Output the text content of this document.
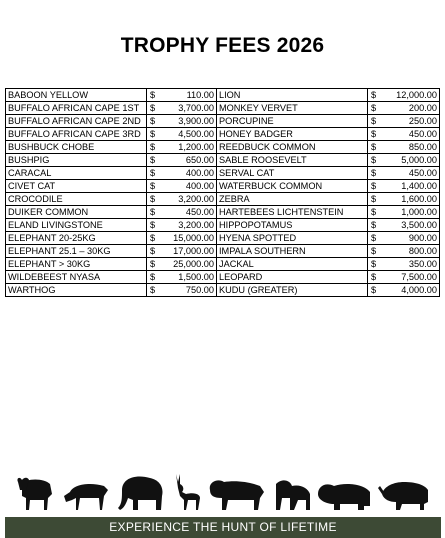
TROPHY FEES 2026
BABOON YELLOW	$ 110.00	LION	$ 12,000.00
BUFFALO AFRICAN CAPE 1ST	$ 3,700.00	MONKEY VERVET	$ 200.00
BUFFALO AFRICAN CAPE 2ND	$ 3,900.00	PORCUPINE	$ 250.00
BUFFALO AFRICAN CAPE 3RD	$ 4,500.00	HONEY BADGER	$ 450.00
BUSHBUCK CHOBE	$ 1,200.00	REEDBUCK COMMON	$ 850.00
BUSHPIG	$ 650.00	SABLE ROOSEVELT	$ 5,000.00
CARACAL	$ 400.00	SERVAL CAT	$ 450.00
CIVET CAT	$ 400.00	WATERBUCK COMMON	$ 1,400.00
CROCODILE	$ 3,200.00	ZEBRA	$ 1,600.00
DUIKER COMMON	$ 450.00	HARTEBEES LICHTENSTEIN	$ 1,000.00
ELAND LIVINGSTONE	$ 3,200.00	HIPPOPOTAMUS	$ 3,500.00
ELEPHANT 20-25KG	$ 15,000.00	HYENA SPOTTED	$ 900.00
ELEPHANT 25.1 – 30KG	$ 17,000.00	IMPALA SOUTHERN	$ 800.00
ELEPHANT > 30KG	$ 25,000.00	JACKAL	$ 350.00
WILDEBEEST NYASA	$ 1,500.00	LEOPARD	$ 7,500.00
WARTHOG	$ 750.00	KUDU (GREATER)	$ 4,000.00
EXPERIENCE THE HUNT OF LIFETIME
